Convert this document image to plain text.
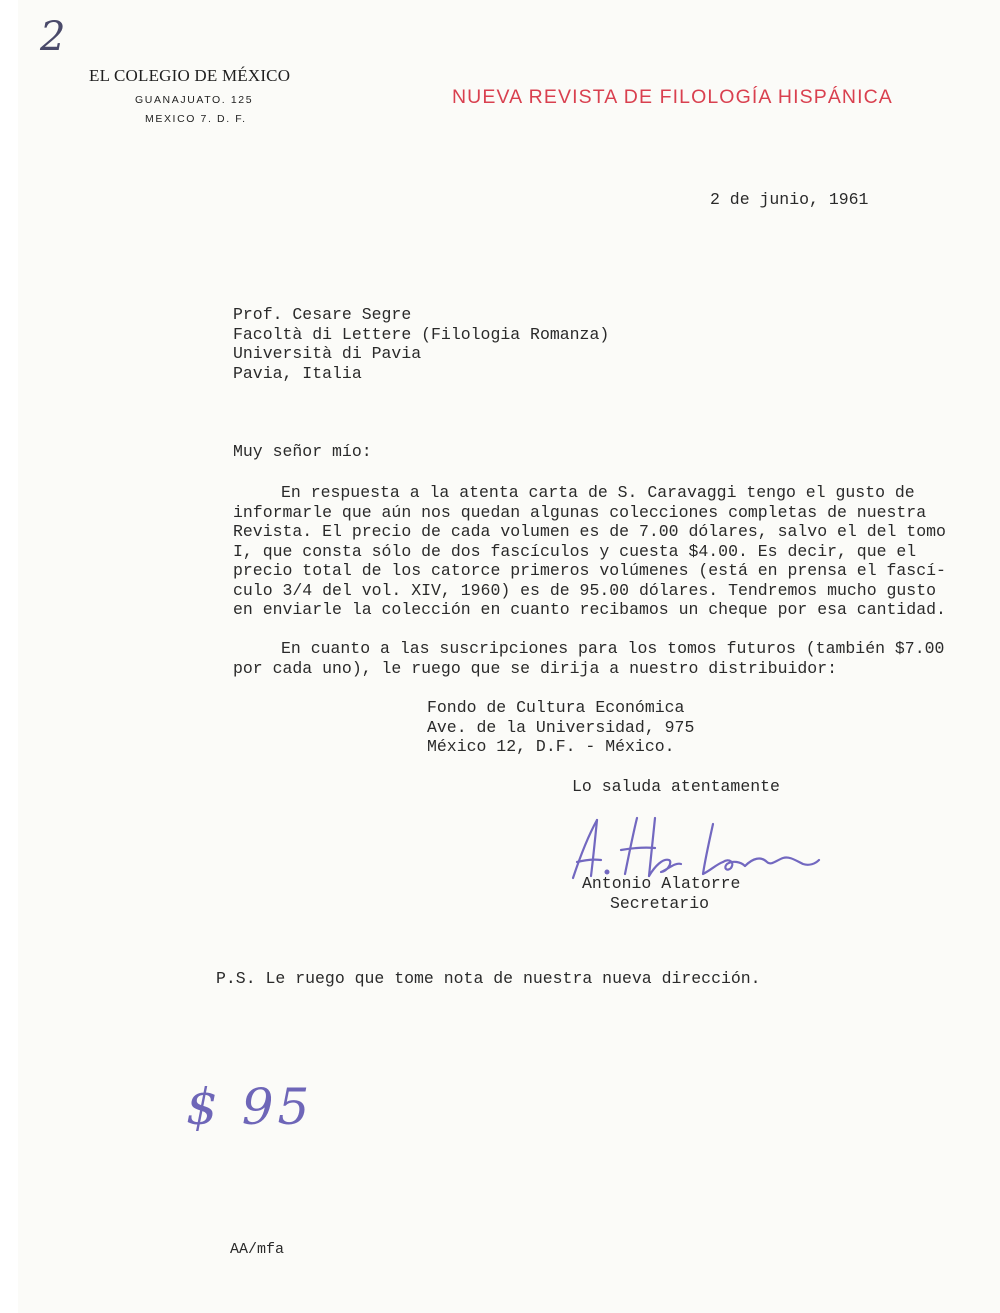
2
EL COLEGIO DE MÉXICO
GUANAJUATO. 125
MEXICO 7. D. F.
NUEVA REVISTA DE FILOLOGÍA HISPÁNICA
2 de junio, 1961
Prof. Cesare Segre
Facoltà di Lettere (Filologia Romanza)
Università di Pavia
Pavia, Italia
Muy señor mío:
En respuesta a la atenta carta de S. Caravaggi tengo el gusto de
informarle que aún nos quedan algunas colecciones completas de nuestra
Revista. El precio de cada volumen es de 7.00 dólares, salvo el del tomo
I, que consta sólo de dos fascículos y cuesta $4.00. Es decir, que el
precio total de los catorce primeros volúmenes (está en prensa el fascí-
culo 3/4 del vol. XIV, 1960) es de 95.00 dólares. Tendremos mucho gusto
en enviarle la colección en cuanto recibamos un cheque por esa cantidad.
En cuanto a las suscripciones para los tomos futuros (también $7.00
por cada uno), le ruego que se dirija a nuestro distribuidor:
Fondo de Cultura Económica
Ave. de la Universidad, 975
México 12, D.F. - México.
Lo saluda atentamente
Antonio Alatorre
Secretario
P.S. Le ruego que tome nota de nuestra nueva dirección.
$ 95
AA/mfa
